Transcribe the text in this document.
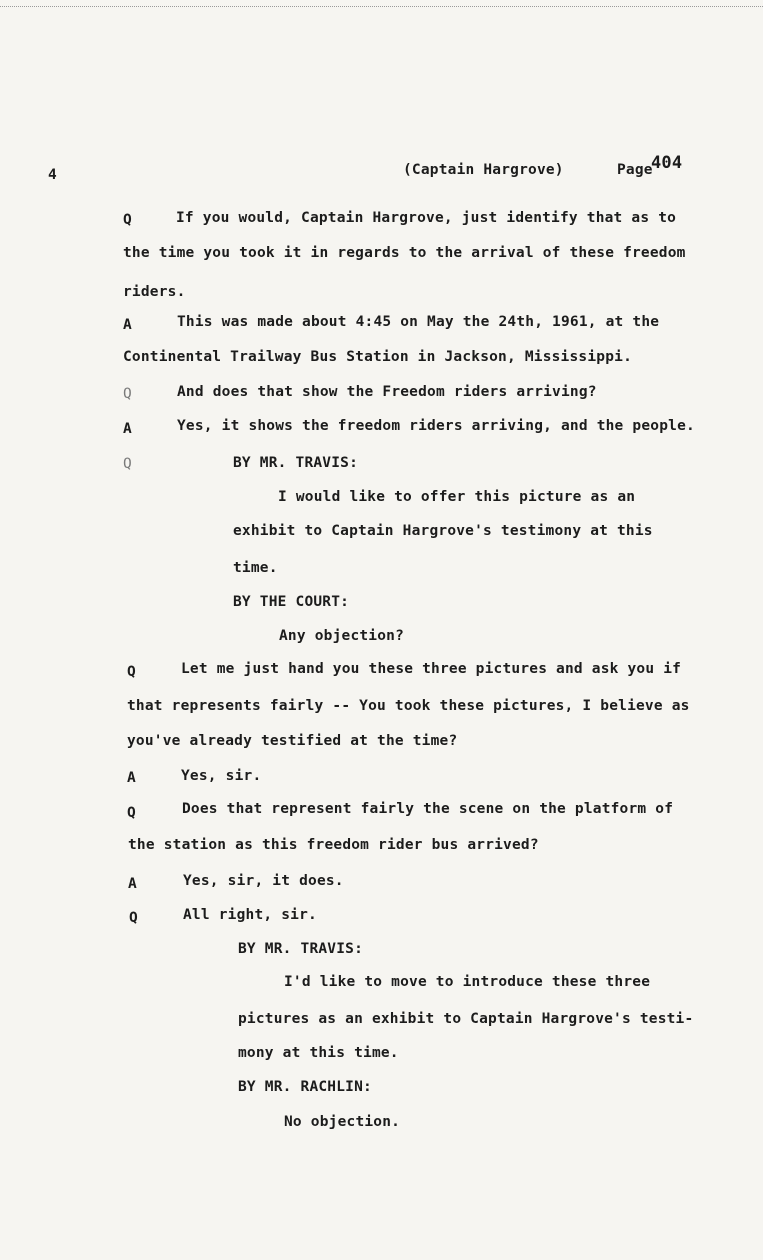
4	(Captain Hargrove)	Page
404
Q	If you would, Captain Hargrove, just identify that as to
the time you took it in regards to the arrival of these freedom
riders.
A	This was made about 4:45 on May the 24th, 1961, at the
Continental Trailway Bus Station in Jackson, Mississippi.
Q	And does that show the Freedom riders arriving?
A	Yes, it shows the freedom riders arriving, and the people.
Q	BY MR. TRAVIS:
I would like to offer this picture as an
exhibit to Captain Hargrove's testimony at this
time.
BY THE COURT:
Any objection?
Q	Let me just hand you these three pictures and ask you if
that represents fairly -- You took these pictures, I believe as
you've already testified at the time?
A	Yes, sir.
Q	Does that represent fairly the scene on the platform of
the station as this freedom rider bus arrived?
A	Yes, sir, it does.
Q	All right, sir.
BY MR. TRAVIS:
I'd like to move to introduce these three
pictures as an exhibit to Captain Hargrove's testi-
mony at this time.
BY MR. RACHLIN:
No objection.
